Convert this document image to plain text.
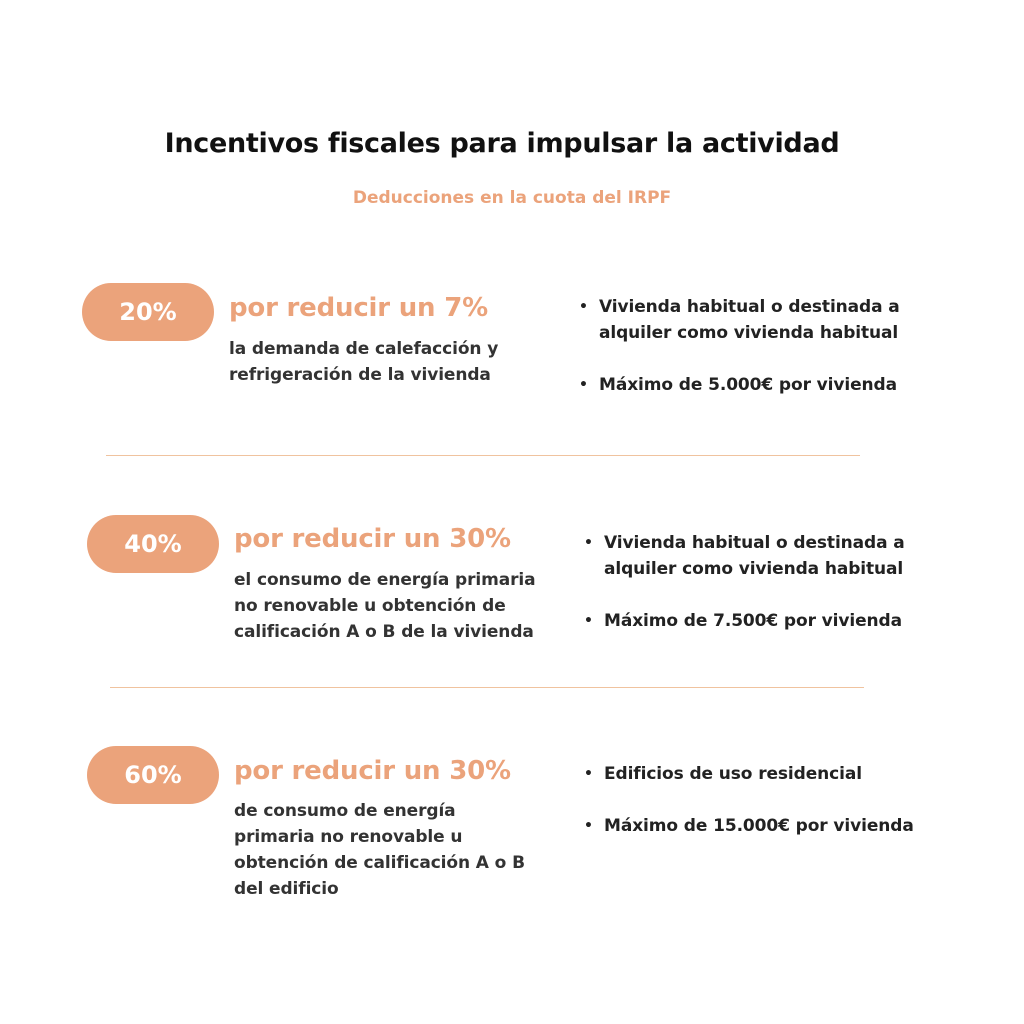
Incentivos fiscales para impulsar la actividad
Deducciones en la cuota del IRPF
20%	por reducir un 7%
la demanda de calefacción y
refrigeración de la vivienda
• Vivienda habitual o destinada a
alquiler como vivienda habitual
• Máximo de 5.000€ por vivienda
40%	por reducir un 30%
el consumo de energía primaria
no renovable u obtención de
calificación A o B de la vivienda
• Vivienda habitual o destinada a
alquiler como vivienda habitual
• Máximo de 7.500€ por vivienda
60%	por reducir un 30%
de consumo de energía
primaria no renovable u
obtención de calificación A o B
del edificio
• Edificios de uso residencial
• Máximo de 15.000€ por vivienda
